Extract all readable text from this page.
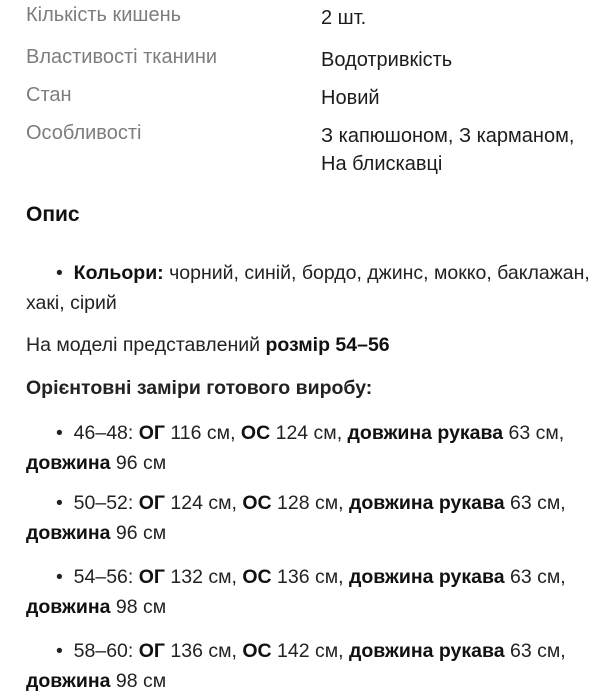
Кількість кишень	2 шт.
Властивості тканини	Водотривкість
Стан	Новий
Особливості	З капюшоном, З карманом, На блискавці
Опис
•  Кольори: чорний, синій, бордо, джинс, мокко, баклажан, хакі, сірий
На моделі представлений розмір 54–56
Орієнтовні заміри готового виробу:
•  46–48: ОГ 116 см, ОС 124 см, довжина рукава 63 см, довжина 96 см
•  50–52: ОГ 124 см, ОС 128 см, довжина рукава 63 см, довжина 96 см
•  54–56: ОГ 132 см, ОС 136 см, довжина рукава 63 см, довжина 98 см
•  58–60: ОГ 136 см, ОС 142 см, довжина рукава 63 см, довжина 98 см
